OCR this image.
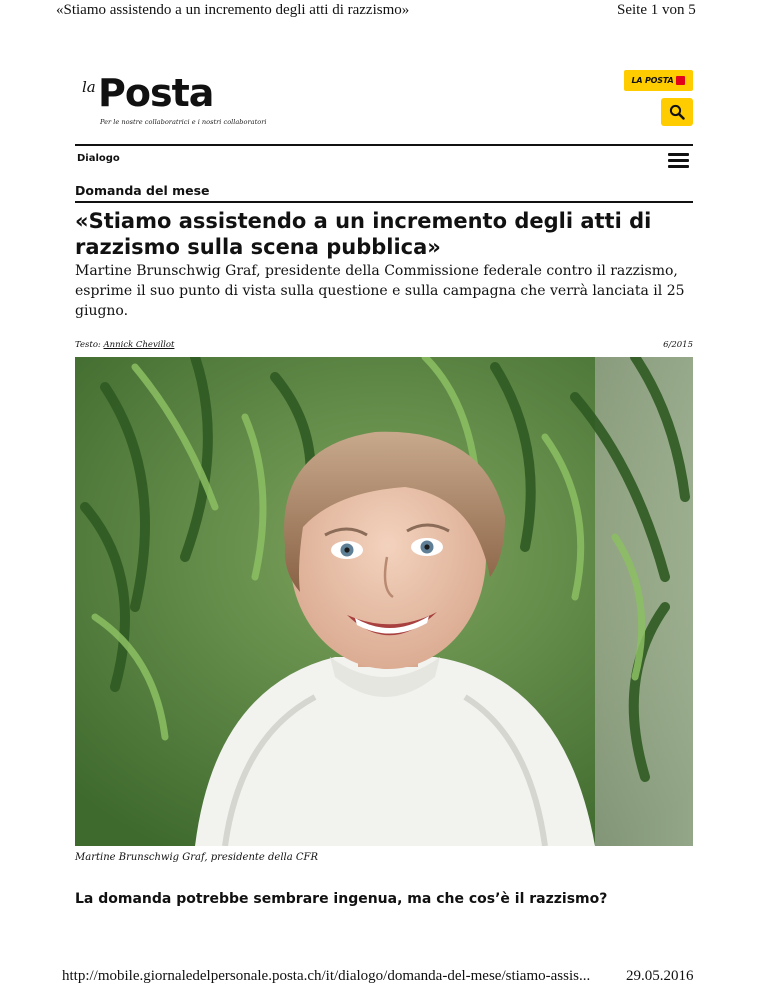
«Stiamo assistendo a un incremento degli atti di razzismo»	Seite 1 von 5
la Posta
Per le nostre collaboratrici e i nostri collaboratori
LA POSTA
Dialogo
Domanda del mese
«Stiamo assistendo a un incremento degli atti di razzismo sulla scena pubblica»

Martine Brunschwig Graf, presidente della Commissione federale contro il razzismo, esprime il suo punto di vista sulla questione e sulla campagna che verrà lanciata il 25 giugno.

Testo: Annick Chevillot	6/2015
Martine Brunschwig Graf, presidente della CFR
La domanda potrebbe sembrare ingenua, ma che cos’è il razzismo?
http://mobile.giornaledelpersonale.posta.ch/it/dialogo/domanda-del-mese/stiamo-assis... 29.05.2016
